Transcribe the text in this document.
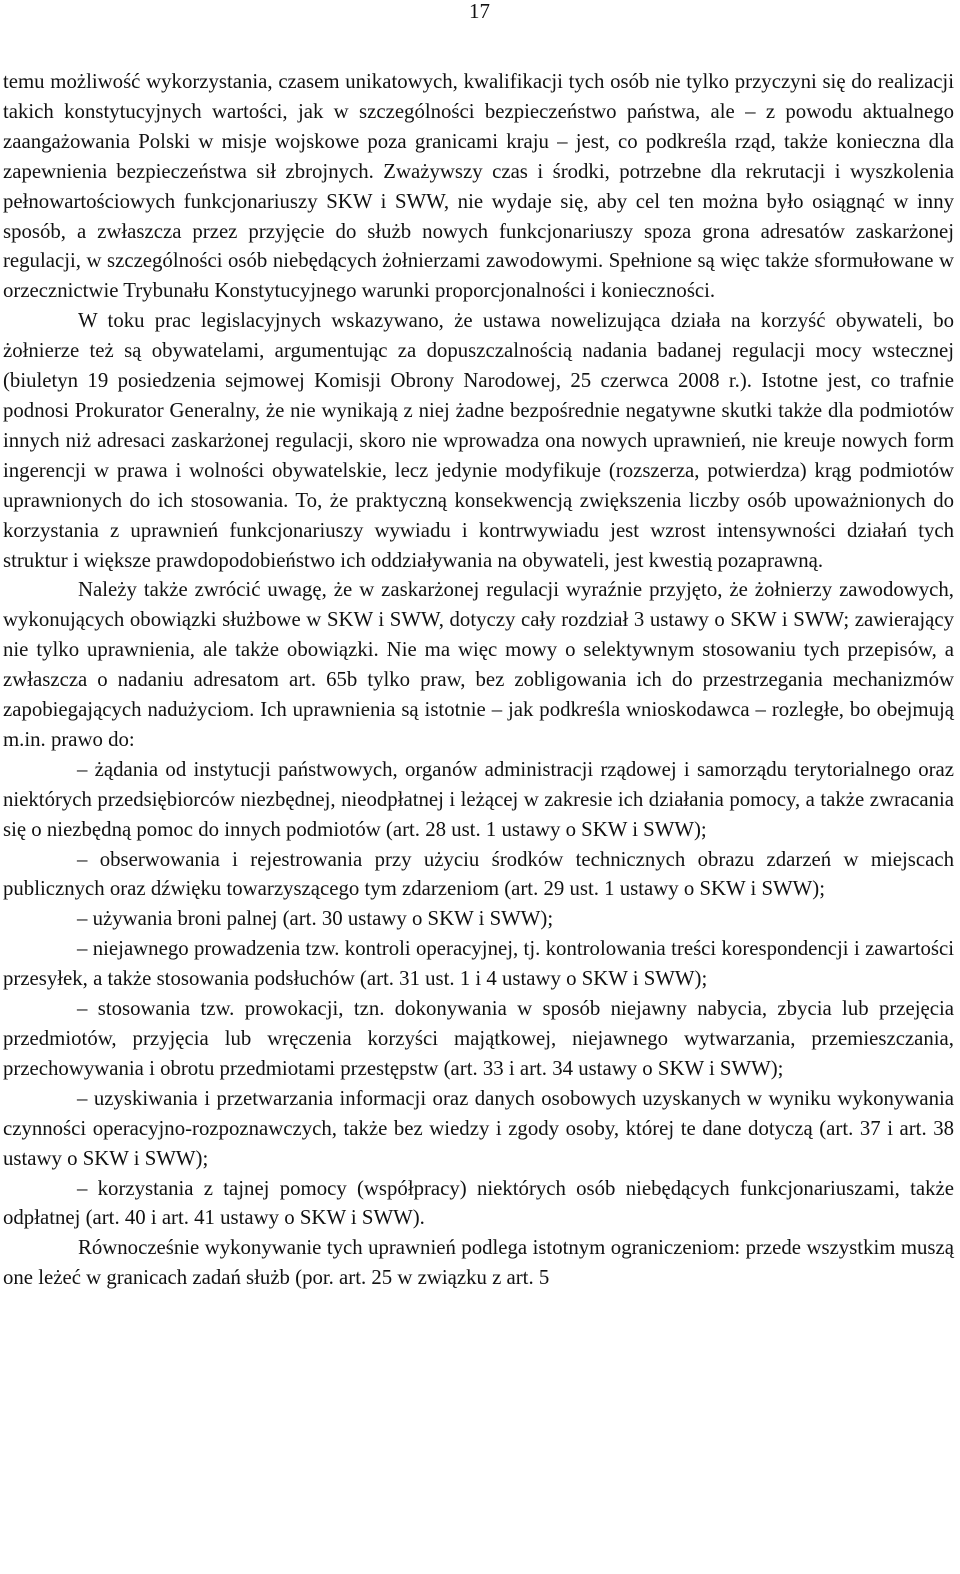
17

temu możliwość wykorzystania, czasem unikatowych, kwalifikacji tych osób nie tylko przyczyni się do realizacji takich konstytucyjnych wartości, jak w szczególności bezpieczeństwo państwa, ale – z powodu aktualnego zaangażowania Polski w misje wojskowe poza granicami kraju – jest, co podkreśla rząd, także konieczna dla zapewnienia bezpieczeństwa sił zbrojnych. Zważywszy czas i środki, potrzebne dla rekrutacji i wyszkolenia pełnowartościowych funkcjonariuszy SKW i SWW, nie wydaje się, aby cel ten można było osiągnąć w inny sposób, a zwłaszcza przez przyjęcie do służb nowych funkcjonariuszy spoza grona adresatów zaskarżonej regulacji, w szczególności osób niebędących żołnierzami zawodowymi. Spełnione są więc także sformułowane w orzecznictwie Trybunału Konstytucyjnego warunki proporcjonalności i konieczności.

W toku prac legislacyjnych wskazywano, że ustawa nowelizująca działa na korzyść obywateli, bo żołnierze też są obywatelami, argumentując za dopuszczalnością nadania badanej regulacji mocy wstecznej (biuletyn 19 posiedzenia sejmowej Komisji Obrony Narodowej, 25 czerwca 2008 r.). Istotne jest, co trafnie podnosi Prokurator Generalny, że nie wynikają z niej żadne bezpośrednie negatywne skutki także dla podmiotów innych niż adresaci zaskarżonej regulacji, skoro nie wprowadza ona nowych uprawnień, nie kreuje nowych form ingerencji w prawa i wolności obywatelskie, lecz jedynie modyfikuje (rozszerza, potwierdza) krąg podmiotów uprawnionych do ich stosowania. To, że praktyczną konsekwencją zwiększenia liczby osób upoważnionych do korzystania z uprawnień funkcjonariuszy wywiadu i kontrwywiadu jest wzrost intensywności działań tych struktur i większe prawdopodobieństwo ich oddziaływania na obywateli, jest kwestią pozaprawną.

Należy także zwrócić uwagę, że w zaskarżonej regulacji wyraźnie przyjęto, że żołnierzy zawodowych, wykonujących obowiązki służbowe w SKW i SWW, dotyczy cały rozdział 3 ustawy o SKW i SWW; zawierający nie tylko uprawnienia, ale także obowiązki. Nie ma więc mowy o selektywnym stosowaniu tych przepisów, a zwłaszcza o nadaniu adresatom art. 65b tylko praw, bez zobligowania ich do przestrzegania mechanizmów zapobiegających nadużyciom. Ich uprawnienia są istotnie – jak podkreśla wnioskodawca – rozległe, bo obejmują m.in. prawo do:

– żądania od instytucji państwowych, organów administracji rządowej i samorządu terytorialnego oraz niektórych przedsiębiorców niezbędnej, nieodpłatnej i leżącej w zakresie ich działania pomocy, a także zwracania się o niezbędną pomoc do innych podmiotów (art. 28 ust. 1 ustawy o SKW i SWW);

– obserwowania i rejestrowania przy użyciu środków technicznych obrazu zdarzeń w miejscach publicznych oraz dźwięku towarzyszącego tym zdarzeniom (art. 29 ust. 1 ustawy o SKW i SWW);

– używania broni palnej (art. 30 ustawy o SKW i SWW);

– niejawnego prowadzenia tzw. kontroli operacyjnej, tj. kontrolowania treści korespondencji i zawartości przesyłek, a także stosowania podsłuchów (art. 31 ust. 1 i 4 ustawy o SKW i SWW);

– stosowania tzw. prowokacji, tzn. dokonywania w sposób niejawny nabycia, zbycia lub przejęcia przedmiotów, przyjęcia lub wręczenia korzyści majątkowej, niejawnego wytwarzania, przemieszczania, przechowywania i obrotu przedmiotami przestępstw (art. 33 i art. 34 ustawy o SKW i SWW);

– uzyskiwania i przetwarzania informacji oraz danych osobowych uzyskanych w wyniku wykonywania czynności operacyjno-rozpoznawczych, także bez wiedzy i zgody osoby, której te dane dotyczą (art. 37 i art. 38 ustawy o SKW i SWW);

– korzystania z tajnej pomocy (współpracy) niektórych osób niebędących funkcjonariuszami, także odpłatnej (art. 40 i art. 41 ustawy o SKW i SWW).

Równocześnie wykonywanie tych uprawnień podlega istotnym ograniczeniom: przede wszystkim muszą one leżeć w granicach zadań służb (por. art. 25 w związku z art. 5
